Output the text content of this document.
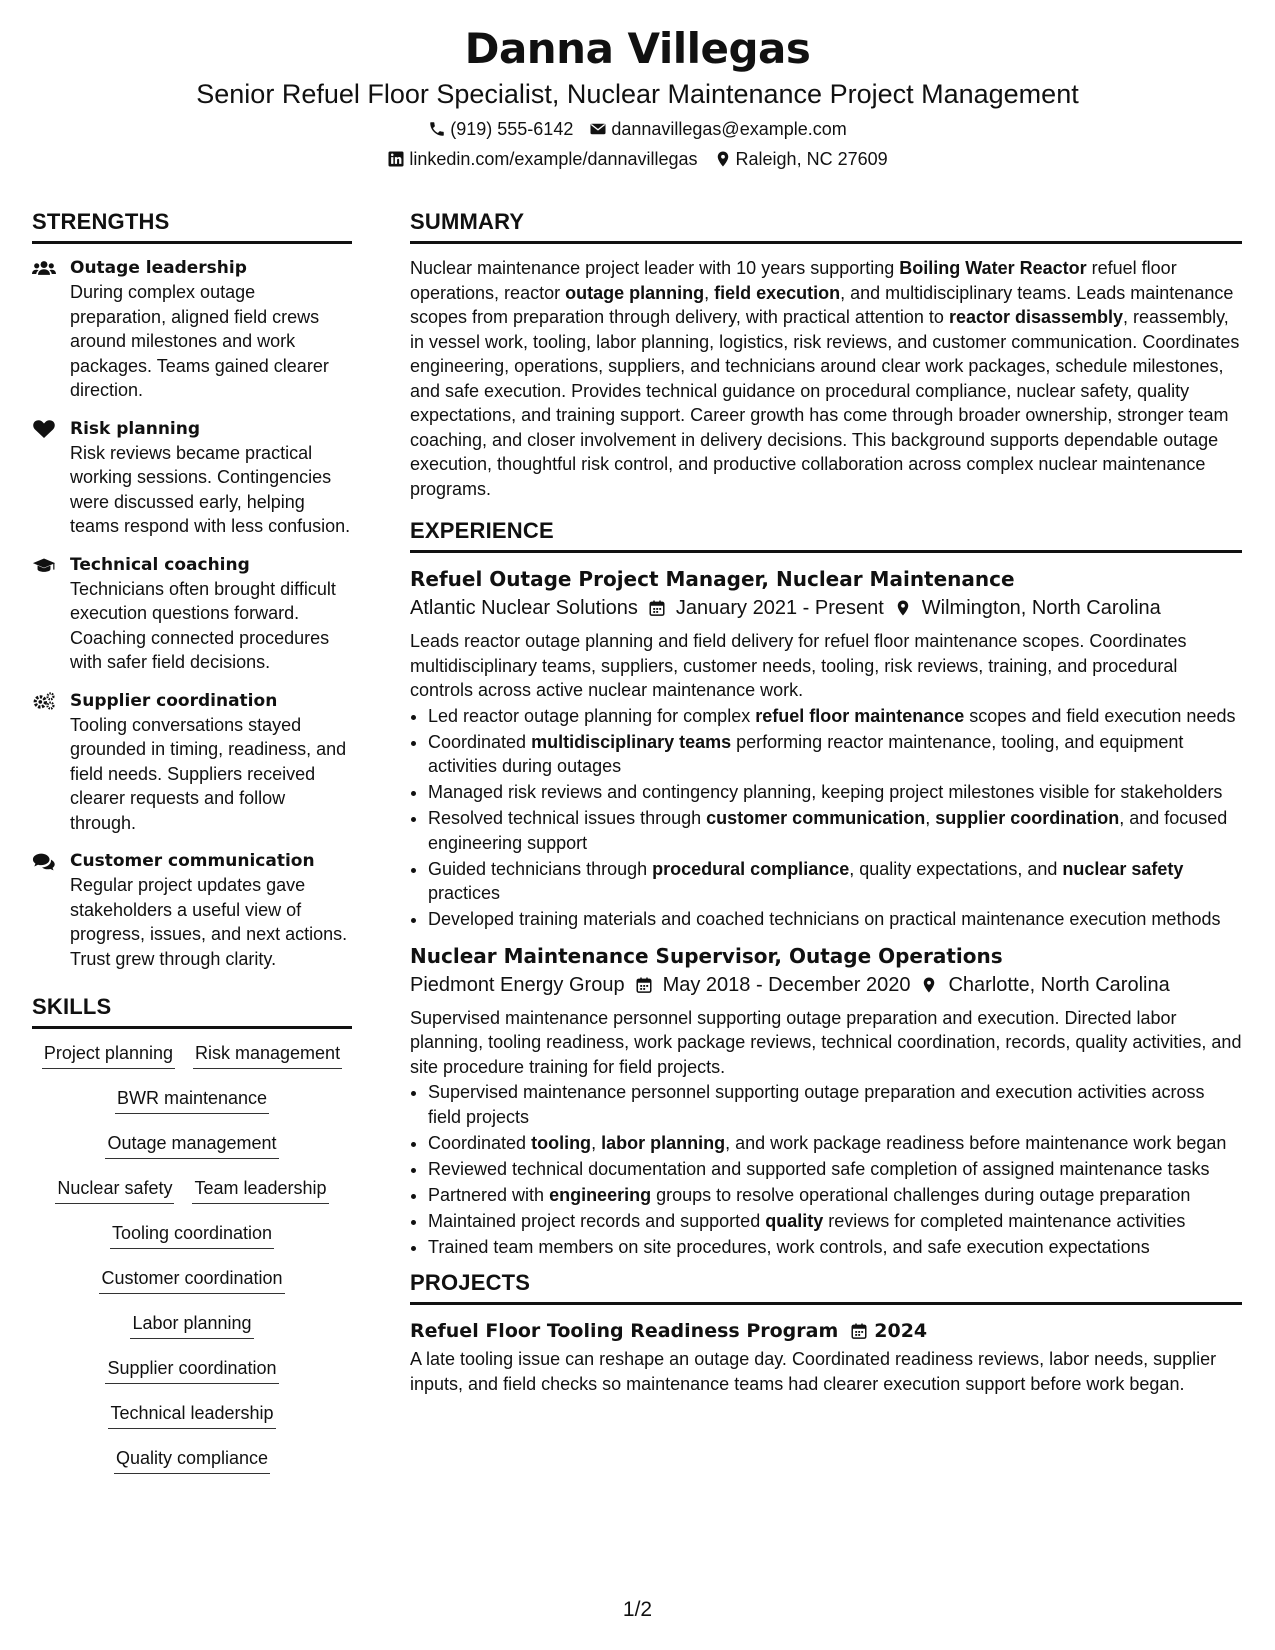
Danna Villegas
Senior Refuel Floor Specialist, Nuclear Maintenance Project Management
(919) 555-6142 dannavillegas@example.com
linkedin.com/example/dannavillegas Raleigh, NC 27609
STRENGTHS
Outage leadership
During complex outage preparation, aligned field crews around milestones and work packages. Teams gained clearer direction.
Risk planning
Risk reviews became practical working sessions. Contingencies were discussed early, helping teams respond with less confusion.
Technical coaching
Technicians often brought difficult execution questions forward. Coaching connected procedures with safer field decisions.
Supplier coordination
Tooling conversations stayed grounded in timing, readiness, and field needs. Suppliers received clearer requests and follow through.
Customer communication
Regular project updates gave stakeholders a useful view of progress, issues, and next actions. Trust grew through clarity.
SKILLS
Project planning Risk management
BWR maintenance
Outage management
Nuclear safety Team leadership
Tooling coordination
Customer coordination
Labor planning
Supplier coordination
Technical leadership
Quality compliance
SUMMARY
Nuclear maintenance project leader with 10 years supporting Boiling Water Reactor refuel floor operations, reactor outage planning, field execution, and multidisciplinary teams. Leads maintenance scopes from preparation through delivery, with practical attention to reactor disassembly, reassembly, in vessel work, tooling, labor planning, logistics, risk reviews, and customer communication. Coordinates engineering, operations, suppliers, and technicians around clear work packages, schedule milestones, and safe execution. Provides technical guidance on procedural compliance, nuclear safety, quality expectations, and training support. Career growth has come through broader ownership, stronger team coaching, and closer involvement in delivery decisions. This background supports dependable outage execution, thoughtful risk control, and productive collaboration across complex nuclear maintenance programs.
EXPERIENCE
Refuel Outage Project Manager, Nuclear Maintenance
Atlantic Nuclear Solutions January 2021 - Present Wilmington, North Carolina
Leads reactor outage planning and field delivery for refuel floor maintenance scopes. Coordinates multidisciplinary teams, suppliers, customer needs, tooling, risk reviews, training, and procedural controls across active nuclear maintenance work.
• Led reactor outage planning for complex refuel floor maintenance scopes and field execution needs
• Coordinated multidisciplinary teams performing reactor maintenance, tooling, and equipment activities during outages
• Managed risk reviews and contingency planning, keeping project milestones visible for stakeholders
• Resolved technical issues through customer communication, supplier coordination, and focused engineering support
• Guided technicians through procedural compliance, quality expectations, and nuclear safety practices
• Developed training materials and coached technicians on practical maintenance execution methods
Nuclear Maintenance Supervisor, Outage Operations
Piedmont Energy Group May 2018 - December 2020 Charlotte, North Carolina
Supervised maintenance personnel supporting outage preparation and execution. Directed labor planning, tooling readiness, work package reviews, technical coordination, records, quality activities, and site procedure training for field projects.
• Supervised maintenance personnel supporting outage preparation and execution activities across field projects
• Coordinated tooling, labor planning, and work package readiness before maintenance work began
• Reviewed technical documentation and supported safe completion of assigned maintenance tasks
• Partnered with engineering groups to resolve operational challenges during outage preparation
• Maintained project records and supported quality reviews for completed maintenance activities
• Trained team members on site procedures, work controls, and safe execution expectations
PROJECTS
Refuel Floor Tooling Readiness Program 2024
A late tooling issue can reshape an outage day. Coordinated readiness reviews, labor needs, supplier inputs, and field checks so maintenance teams had clearer execution support before work began.
1/2
